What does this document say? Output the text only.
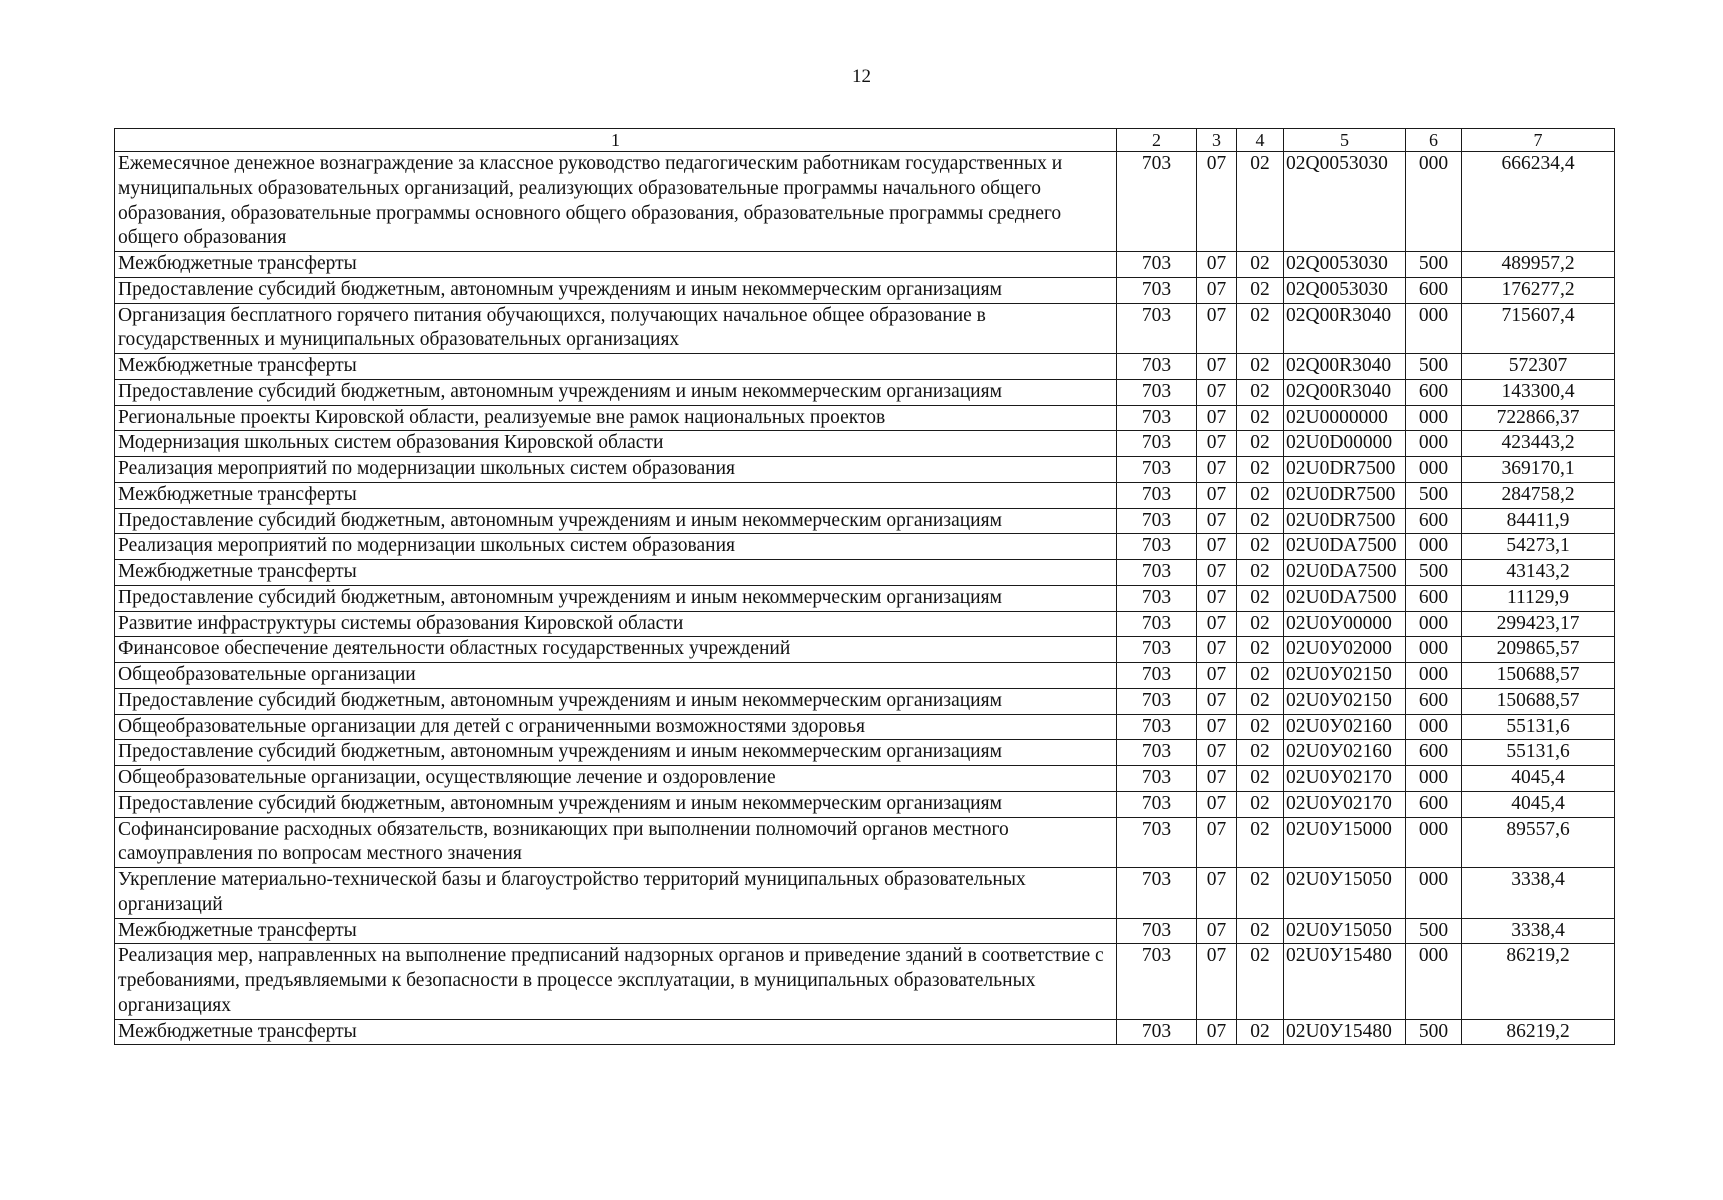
12
1	2	3	4	5	6	7
Ежемесячное денежное вознаграждение за классное руководство педагогическим работникам государственных и муниципальных образовательных организаций, реализующих образовательные программы начального общего образования, образовательные программы основного общего образования, образовательные программы среднего общего образования	703	07	02	02Q0053030	000	666234,4
Межбюджетные трансферты	703	07	02	02Q0053030	500	489957,2
Предоставление субсидий бюджетным, автономным учреждениям и иным некоммерческим организациям	703	07	02	02Q0053030	600	176277,2
Организация бесплатного горячего питания обучающихся, получающих начальное общее образование в государственных и муниципальных образовательных организациях	703	07	02	02Q00R3040	000	715607,4
Межбюджетные трансферты	703	07	02	02Q00R3040	500	572307
Предоставление субсидий бюджетным, автономным учреждениям и иным некоммерческим организациям	703	07	02	02Q00R3040	600	143300,4
Региональные проекты Кировской области, реализуемые вне рамок национальных проектов	703	07	02	02U0000000	000	722866,37
Модернизация школьных систем образования Кировской области	703	07	02	02U0D00000	000	423443,2
Реализация мероприятий по модернизации школьных систем образования	703	07	02	02U0DR7500	000	369170,1
Межбюджетные трансферты	703	07	02	02U0DR7500	500	284758,2
Предоставление субсидий бюджетным, автономным учреждениям и иным некоммерческим организациям	703	07	02	02U0DR7500	600	84411,9
Реализация мероприятий по модернизации школьных систем образования	703	07	02	02U0DA7500	000	54273,1
Межбюджетные трансферты	703	07	02	02U0DA7500	500	43143,2
Предоставление субсидий бюджетным, автономным учреждениям и иным некоммерческим организациям	703	07	02	02U0DA7500	600	11129,9
Развитие инфраструктуры системы образования Кировской области	703	07	02	02U0У00000	000	299423,17
Финансовое обеспечение деятельности областных государственных учреждений	703	07	02	02U0У02000	000	209865,57
Общеобразовательные организации	703	07	02	02U0У02150	000	150688,57
Предоставление субсидий бюджетным, автономным учреждениям и иным некоммерческим организациям	703	07	02	02U0У02150	600	150688,57
Общеобразовательные организации для детей с ограниченными возможностями здоровья	703	07	02	02U0У02160	000	55131,6
Предоставление субсидий бюджетным, автономным учреждениям и иным некоммерческим организациям	703	07	02	02U0У02160	600	55131,6
Общеобразовательные организации, осуществляющие лечение и оздоровление	703	07	02	02U0У02170	000	4045,4
Предоставление субсидий бюджетным, автономным учреждениям и иным некоммерческим организациям	703	07	02	02U0У02170	600	4045,4
Софинансирование расходных обязательств, возникающих при выполнении полномочий органов местного самоуправления по вопросам местного значения	703	07	02	02U0У15000	000	89557,6
Укрепление материально-технической базы и благоустройство территорий муниципальных образовательных организаций	703	07	02	02U0У15050	000	3338,4
Межбюджетные трансферты	703	07	02	02U0У15050	500	3338,4
Реализация мер, направленных на выполнение предписаний надзорных органов и приведение зданий в соответствие с требованиями, предъявляемыми к безопасности в процессе эксплуатации, в муниципальных образовательных организациях	703	07	02	02U0У15480	000	86219,2
Межбюджетные трансферты	703	07	02	02U0У15480	500	86219,2
